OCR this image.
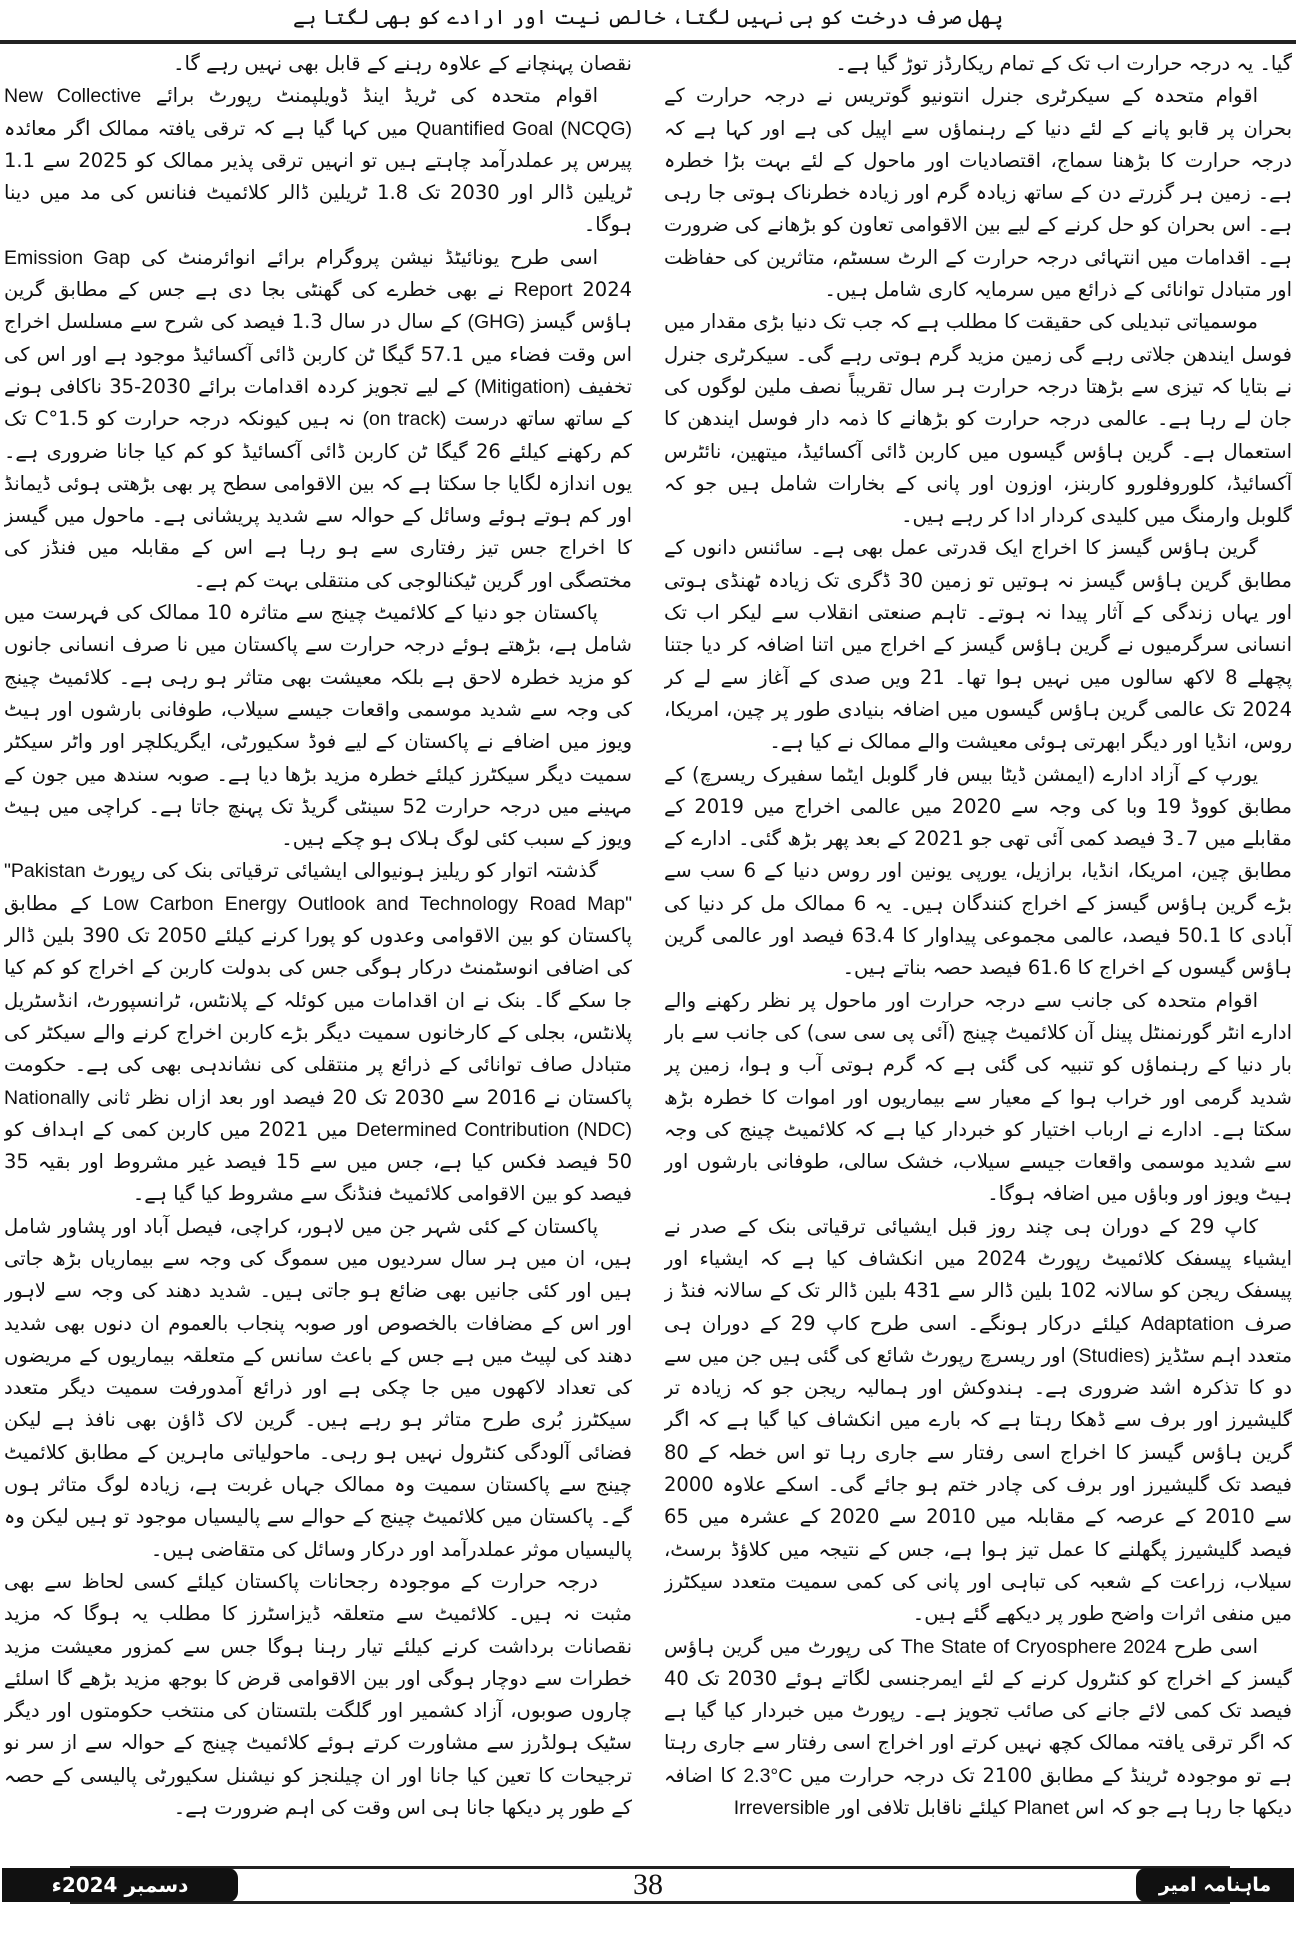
پھل صرف درخت کو ہی نہیں لگتا، خالص نیت اور ارادے کو بھی لگتا ہے

گیا۔ یہ درجہ حرارت اب تک کے تمام ریکارڈز توڑ گیا ہے۔

اقوام متحدہ کے سیکرٹری جنرل انتونیو گوتریس نے درجہ حرارت کے بحران پر قابو پانے کے لئے دنیا کے رہنماؤں سے اپیل کی ہے اور کہا ہے کہ درجہ حرارت کا بڑھنا سماج، اقتصادیات اور ماحول کے لئے بہت بڑا خطرہ ہے۔ زمین ہر گزرتے دن کے ساتھ زیادہ گرم اور زیادہ خطرناک ہوتی جا رہی ہے۔ اس بحران کو حل کرنے کے لیے بین الاقوامی تعاون کو بڑھانے کی ضرورت ہے۔ اقدامات میں انتہائی درجہ حرارت کے الرٹ سسٹم، متاثرین کی حفاظت اور متبادل توانائی کے ذرائع میں سرمایہ کاری شامل ہیں۔

موسمیاتی تبدیلی کی حقیقت کا مطلب ہے کہ جب تک دنیا بڑی مقدار میں فوسل ایندھن جلاتی رہے گی زمین مزید گرم ہوتی رہے گی۔ سیکرٹری جنرل نے بتایا کہ تیزی سے بڑھتا درجہ حرارت ہر سال تقریباً نصف ملین لوگوں کی جان لے رہا ہے۔ عالمی درجہ حرارت کو بڑھانے کا ذمہ دار فوسل ایندھن کا استعمال ہے۔ گرین ہاؤس گیسوں میں کاربن ڈائی آکسائیڈ، میتھین، نائٹرس آکسائیڈ، کلوروفلورو کاربنز، اوزون اور پانی کے بخارات شامل ہیں جو کہ گلوبل وارمنگ میں کلیدی کردار ادا کر رہے ہیں۔

گرین ہاؤس گیسز کا اخراج ایک قدرتی عمل بھی ہے۔ سائنس دانوں کے مطابق گرین ہاؤس گیسز نہ ہوتیں تو زمین 30 ڈگری تک زیادہ ٹھنڈی ہوتی اور یہاں زندگی کے آثار پیدا نہ ہوتے۔ تاہم صنعتی انقلاب سے لیکر اب تک انسانی سرگرمیوں نے گرین ہاؤس گیسز کے اخراج میں اتنا اضافہ کر دیا جتنا پچھلے 8 لاکھ سالوں میں نہیں ہوا تھا۔ 21 ویں صدی کے آغاز سے لے کر 2024 تک عالمی گرین ہاؤس گیسوں میں اضافہ بنیادی طور پر چین، امریکا، روس، انڈیا اور دیگر ابھرتی ہوئی معیشت والے ممالک نے کیا ہے۔

یورپ کے آزاد ادارے (ایمشن ڈیٹا بیس فار گلوبل ایٹما سفیرک ریسرچ) کے مطابق کووڈ 19 وبا کی وجہ سے 2020 میں عالمی اخراج میں 2019 کے مقابلے میں 7۔3 فیصد کمی آئی تھی جو 2021 کے بعد پھر بڑھ گئی۔ ادارے کے مطابق چین، امریکا، انڈیا، برازیل، یورپی یونین اور روس دنیا کے 6 سب سے بڑے گرین ہاؤس گیسز کے اخراج کنندگان ہیں۔ یہ 6 ممالک مل کر دنیا کی آبادی کا 50.1 فیصد، عالمی مجموعی پیداوار کا 63.4 فیصد اور عالمی گرین ہاؤس گیسوں کے اخراج کا 61.6 فیصد حصہ بناتے ہیں۔

اقوام متحدہ کی جانب سے درجہ حرارت اور ماحول پر نظر رکھنے والے ادارے انٹر گورنمنٹل پینل آن کلائمیٹ چینج (آئی پی سی سی) کی جانب سے بار بار دنیا کے رہنماؤں کو تنبیہ کی گئی ہے کہ گرم ہوتی آب و ہوا، زمین پر شدید گرمی اور خراب ہوا کے معیار سے بیماریوں اور اموات کا خطرہ بڑھ سکتا ہے۔ ادارے نے ارباب اختیار کو خبردار کیا ہے کہ کلائمیٹ چینج کی وجہ سے شدید موسمی واقعات جیسے سیلاب، خشک سالی، طوفانی بارشوں اور ہیٹ ویوز اور وباؤں میں اضافہ ہوگا۔

کاپ 29 کے دوران ہی چند روز قبل ایشیائی ترقیاتی بنک کے صدر نے ایشیاء پیسفک کلائمیٹ رپورٹ 2024 میں انکشاف کیا ہے کہ ایشیاء اور پیسفک ریجن کو سالانہ 102 بلین ڈالر سے 431 بلین ڈالر تک کے سالانہ فنڈ ز صرف Adaptation کیلئے درکار ہونگے۔ اسی طرح کاپ 29 کے دوران ہی متعدد اہم سٹڈیز (Studies) اور ریسرچ رپورٹ شائع کی گئی ہیں جن میں سے دو کا تذکرہ اشد ضروری ہے۔ ہندوکش اور ہمالیہ ریجن جو کہ زیادہ تر گلیشیرز اور برف سے ڈھکا رہتا ہے کہ بارے میں انکشاف کیا گیا ہے کہ اگر گرین ہاؤس گیسز کا اخراج اسی رفتار سے جاری رہا تو اس خطہ کے 80 فیصد تک گلیشیرز اور برف کی چادر ختم ہو جائے گی۔ اسکے علاوہ 2000 سے 2010 کے عرصہ کے مقابلہ میں 2010 سے 2020 کے عشرہ میں 65 فیصد گلیشیرز پگھلنے کا عمل تیز ہوا ہے، جس کے نتیجہ میں کلاؤڈ برسٹ، سیلاب، زراعت کے شعبہ کی تباہی اور پانی کی کمی سمیت متعدد سیکٹرز میں منفی اثرات واضح طور پر دیکھے گئے ہیں۔

اسی طرح The State of Cryosphere 2024 کی رپورٹ میں گرین ہاؤس گیسز کے اخراج کو کنٹرول کرنے کے لئے ایمرجنسی لگاتے ہوئے 2030 تک 40 فیصد تک کمی لائے جانے کی صائب تجویز ہے۔ رپورٹ میں خبردار کیا گیا ہے کہ اگر ترقی یافتہ ممالک کچھ نہیں کرتے اور اخراج اسی رفتار سے جاری رہتا ہے تو موجودہ ٹرینڈ کے مطابق 2100 تک درجہ حرارت میں 2.3°C کا اضافہ دیکھا جا رہا ہے جو کہ اس Planet کیلئے ناقابل تلافی اور Irreversible

نقصان پہنچانے کے علاوہ رہنے کے قابل بھی نہیں رہے گا۔

اقوام متحدہ کی ٹریڈ اینڈ ڈویلپمنٹ رپورٹ برائے New Collective Quantified Goal (NCQG) میں کہا گیا ہے کہ ترقی یافتہ ممالک اگر معائدہ پیرس پر عملدرآمد چاہتے ہیں تو انہیں ترقی پذیر ممالک کو 2025 سے 1.1 ٹریلین ڈالر اور 2030 تک 1.8 ٹریلین ڈالر کلائمیٹ فنانس کی مد میں دینا ہوگا۔

اسی طرح یونائیٹڈ نیشن پروگرام برائے انوائرمنٹ کی Emission Gap Report 2024 نے بھی خطرے کی گھنٹی بجا دی ہے جس کے مطابق گرین ہاؤس گیسز (GHG) کے سال در سال 1.3 فیصد کی شرح سے مسلسل اخراج اس وقت فضاء میں 57.1 گیگا ٹن کاربن ڈائی آکسائیڈ موجود ہے اور اس کی تخفیف (Mitigation) کے لیے تجویز کردہ اقدامات برائے 2030-35 ناکافی ہونے کے ساتھ ساتھ درست (on track) نہ ہیں کیونکہ درجہ حرارت کو 1.5°C تک کم رکھنے کیلئے 26 گیگا ٹن کاربن ڈائی آکسائیڈ کو کم کیا جانا ضروری ہے۔ یوں اندازہ لگایا جا سکتا ہے کہ بین الاقوامی سطح پر بھی بڑھتی ہوئی ڈیمانڈ اور کم ہوتے ہوئے وسائل کے حوالہ سے شدید پریشانی ہے۔ ماحول میں گیسز کا اخراج جس تیز رفتاری سے ہو رہا ہے اس کے مقابلہ میں فنڈز کی مختصگی اور گرین ٹیکنالوجی کی منتقلی بہت کم ہے۔

پاکستان جو دنیا کے کلائمیٹ چینج سے متاثرہ 10 ممالک کی فہرست میں شامل ہے، بڑھتے ہوئے درجہ حرارت سے پاکستان میں نا صرف انسانی جانوں کو مزید خطرہ لاحق ہے بلکہ معیشت بھی متاثر ہو رہی ہے۔ کلائمیٹ چینج کی وجہ سے شدید موسمی واقعات جیسے سیلاب، طوفانی بارشوں اور ہیٹ ویوز میں اضافے نے پاکستان کے لیے فوڈ سکیورٹی، ایگریکلچر اور واٹر سیکٹر سمیت دیگر سیکٹرز کیلئے خطرہ مزید بڑھا دیا ہے۔ صوبہ سندھ میں جون کے مہینے میں درجہ حرارت 52 سینٹی گریڈ تک پہنچ جاتا ہے۔ کراچی میں ہیٹ ویوز کے سبب کئی لوگ ہلاک ہو چکے ہیں۔

گذشتہ اتوار کو ریلیز ہونیوالی ایشیائی ترقیاتی بنک کی رپورٹ "Pakistan Low Carbon Energy Outlook and Technology Road Map" کے مطابق پاکستان کو بین الاقوامی وعدوں کو پورا کرنے کیلئے 2050 تک 390 بلین ڈالر کی اضافی انوسٹمنٹ درکار ہوگی جس کی بدولت کاربن کے اخراج کو کم کیا جا سکے گا۔ بنک نے ان اقدامات میں کوئلہ کے پلانٹس، ٹرانسپورٹ، انڈسٹریل پلانٹس، بجلی کے کارخانوں سمیت دیگر بڑے کاربن اخراج کرنے والے سیکٹر کی متبادل صاف توانائی کے ذرائع پر منتقلی کی نشاندہی بھی کی ہے۔ حکومت پاکستان نے 2016 سے 2030 تک 20 فیصد اور بعد ازاں نظر ثانی Nationally Determined Contribution (NDC) میں 2021 میں کاربن کمی کے اہداف کو 50 فیصد فکس کیا ہے، جس میں سے 15 فیصد غیر مشروط اور بقیہ 35 فیصد کو بین الاقوامی کلائمیٹ فنڈنگ سے مشروط کیا گیا ہے۔

پاکستان کے کئی شہر جن میں لاہور، کراچی، فیصل آباد اور پشاور شامل ہیں، ان میں ہر سال سردیوں میں سموگ کی وجہ سے بیماریاں بڑھ جاتی ہیں اور کئی جانیں بھی ضائع ہو جاتی ہیں۔ شدید دھند کی وجہ سے لاہور اور اس کے مضافات بالخصوص اور صوبہ پنجاب بالعموم ان دنوں بھی شدید دھند کی لپیٹ میں ہے جس کے باعث سانس کے متعلقہ بیماریوں کے مریضوں کی تعداد لاکھوں میں جا چکی ہے اور ذرائع آمدورفت سمیت دیگر متعدد سیکٹرز بُری طرح متاثر ہو رہے ہیں۔ گرین لاک ڈاؤن بھی نافذ ہے لیکن فضائی آلودگی کنٹرول نہیں ہو رہی۔ ماحولیاتی ماہرین کے مطابق کلائمیٹ چینج سے پاکستان سمیت وہ ممالک جہاں غربت ہے، زیادہ لوگ متاثر ہوں گے۔ پاکستان میں کلائمیٹ چینج کے حوالے سے پالیسیاں موجود تو ہیں لیکن وہ پالیسیاں موثر عملدرآمد اور درکار وسائل کی متقاضی ہیں۔

درجہ حرارت کے موجودہ رجحانات پاکستان کیلئے کسی لحاظ سے بھی مثبت نہ ہیں۔ کلائمیٹ سے متعلقہ ڈیزاسٹرز کا مطلب یہ ہوگا کہ مزید نقصانات برداشت کرنے کیلئے تیار رہنا ہوگا جس سے کمزور معیشت مزید خطرات سے دوچار ہوگی اور بین الاقوامی قرض کا بوجھ مزید بڑھے گا اسلئے چاروں صوبوں، آزاد کشمیر اور گلگت بلتستان کی منتخب حکومتوں اور دیگر سٹیک ہولڈرز سے مشاورت کرتے ہوئے کلائمیٹ چینج کے حوالہ سے از سر نو ترجیحات کا تعین کیا جانا اور ان چیلنجز کو نیشنل سکیورٹی پالیسی کے حصہ کے طور پر دیکھا جانا ہی اس وقت کی اہم ضرورت ہے۔

38
دسمبر 2024ء	ماہنامہ امیر ملت
